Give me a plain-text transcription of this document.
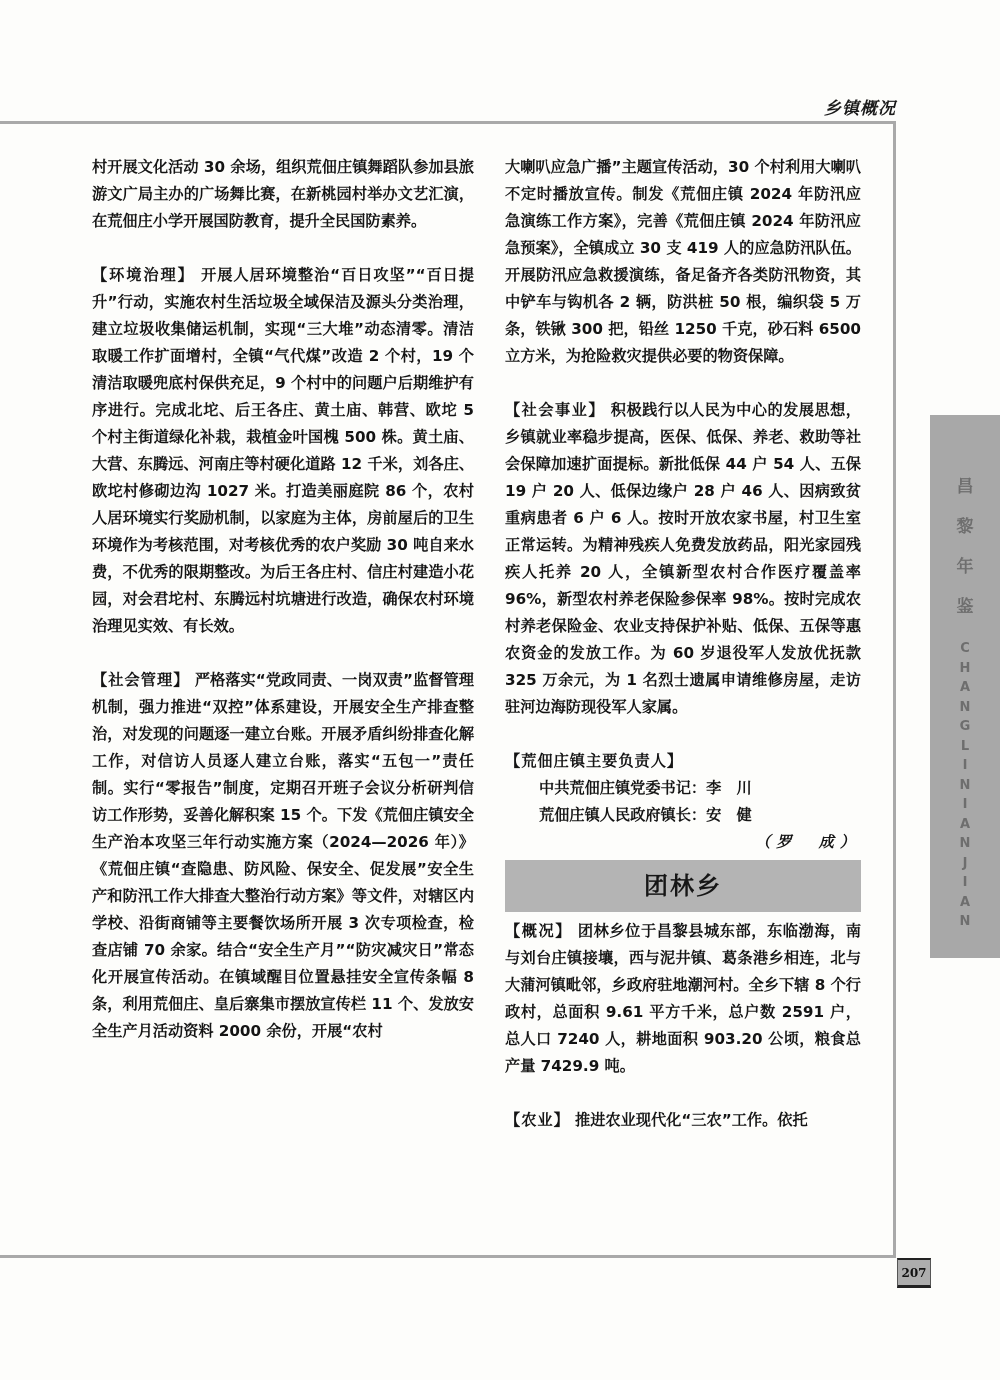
乡镇概况

村开展文化活动 30 余场，组织荒佃庄镇舞蹈队参加县旅游文广局主办的广场舞比赛，在新桃园村举办文艺汇演，在荒佃庄小学开展国防教育，提升全民国防素养。

【环境治理】 开展人居环境整治“百日攻坚”“百日提升”行动，实施农村生活垃圾全域保洁及源头分类治理，建立垃圾收集储运机制，实现“三大堆”动态清零。清洁取暖工作扩面增村，全镇“气代煤”改造 2 个村，19 个清洁取暖兜底村保供充足，9 个村中的问题户后期维护有序进行。完成北坨、后王各庄、黄土庙、韩营、欧坨 5 个村主街道绿化补栽，栽植金叶国槐 500 株。黄土庙、大营、东腾远、河南庄等村硬化道路 12 千米，刘各庄、欧坨村修砌边沟 1027 米。打造美丽庭院 86 个，农村人居环境实行奖励机制，以家庭为主体，房前屋后的卫生环境作为考核范围，对考核优秀的农户奖励 30 吨自来水费，不优秀的限期整改。为后王各庄村、信庄村建造小花园，对会君坨村、东腾远村坑塘进行改造，确保农村环境治理见实效、有长效。

【社会管理】 严格落实“党政同责、一岗双责”监督管理机制，强力推进“双控”体系建设，开展安全生产排查整治，对发现的问题逐一建立台账。开展矛盾纠纷排查化解工作，对信访人员逐人建立台账，落实“五包一”责任制。实行“零报告”制度，定期召开班子会议分析研判信访工作形势，妥善化解积案 15 个。下发《荒佃庄镇安全生产治本攻坚三年行动实施方案（2024—2026 年）》《荒佃庄镇“查隐患、防风险、保安全、促发展”安全生产和防汛工作大排查大整治行动方案》等文件，对辖区内学校、沿街商铺等主要餐饮场所开展 3 次专项检查，检查店铺 70 余家。结合“安全生产月”“防灾减灾日”常态化开展宣传活动。在镇域醒目位置悬挂安全宣传条幅 8 条，利用荒佃庄、皇后寨集市摆放宣传栏 11 个、发放安全生产月活动资料 2000 余份，开展“农村

大喇叭应急广播”主题宣传活动，30 个村利用大喇叭不定时播放宣传。制发《荒佃庄镇 2024 年防汛应急演练工作方案》，完善《荒佃庄镇 2024 年防汛应急预案》，全镇成立 30 支 419 人的应急防汛队伍。开展防汛应急救援演练，备足备齐各类防汛物资，其中铲车与钩机各 2 辆，防洪桩 50 根，编织袋 5 万条，铁锹 300 把，铅丝 1250 千克，砂石料 6500 立方米，为抢险救灾提供必要的物资保障。

【社会事业】 积极践行以人民为中心的发展思想，乡镇就业率稳步提高，医保、低保、养老、救助等社会保障加速扩面提标。新批低保 44 户 54 人、五保 19 户 20 人、低保边缘户 28 户 46 人、因病致贫重病患者 6 户 6 人。按时开放农家书屋，村卫生室正常运转。为精神残疾人免费发放药品，阳光家园残疾人托养 20 人，全镇新型农村合作医疗覆盖率 96%，新型农村养老保险参保率 98%。按时完成农村养老保险金、农业支持保护补贴、低保、五保等惠农资金的发放工作。为 60 岁退役军人发放优抚款 325 万余元，为 1 名烈士遗属申请维修房屋，走访驻河边海防现役军人家属。

【荒佃庄镇主要负责人】
中共荒佃庄镇党委书记：李　川
荒佃庄镇人民政府镇长：安　健
（罗　成）
团林乡

【概况】 团林乡位于昌黎县城东部，东临渤海，南与刘台庄镇接壤，西与泥井镇、葛条港乡相连，北与大蒲河镇毗邻，乡政府驻地潮河村。全乡下辖 8 个行政村，总面积 9.61 平方千米，总户数 2591 户，总人口 7240 人，耕地面积 903.20 公顷，粮食总产量 7429.9 吨。

【农业】 推进农业现代化“三农”工作。依托

昌
黎
年
鉴
C
H
A
N
G
L
I
N
I
A
N
J
I
A
N
207
